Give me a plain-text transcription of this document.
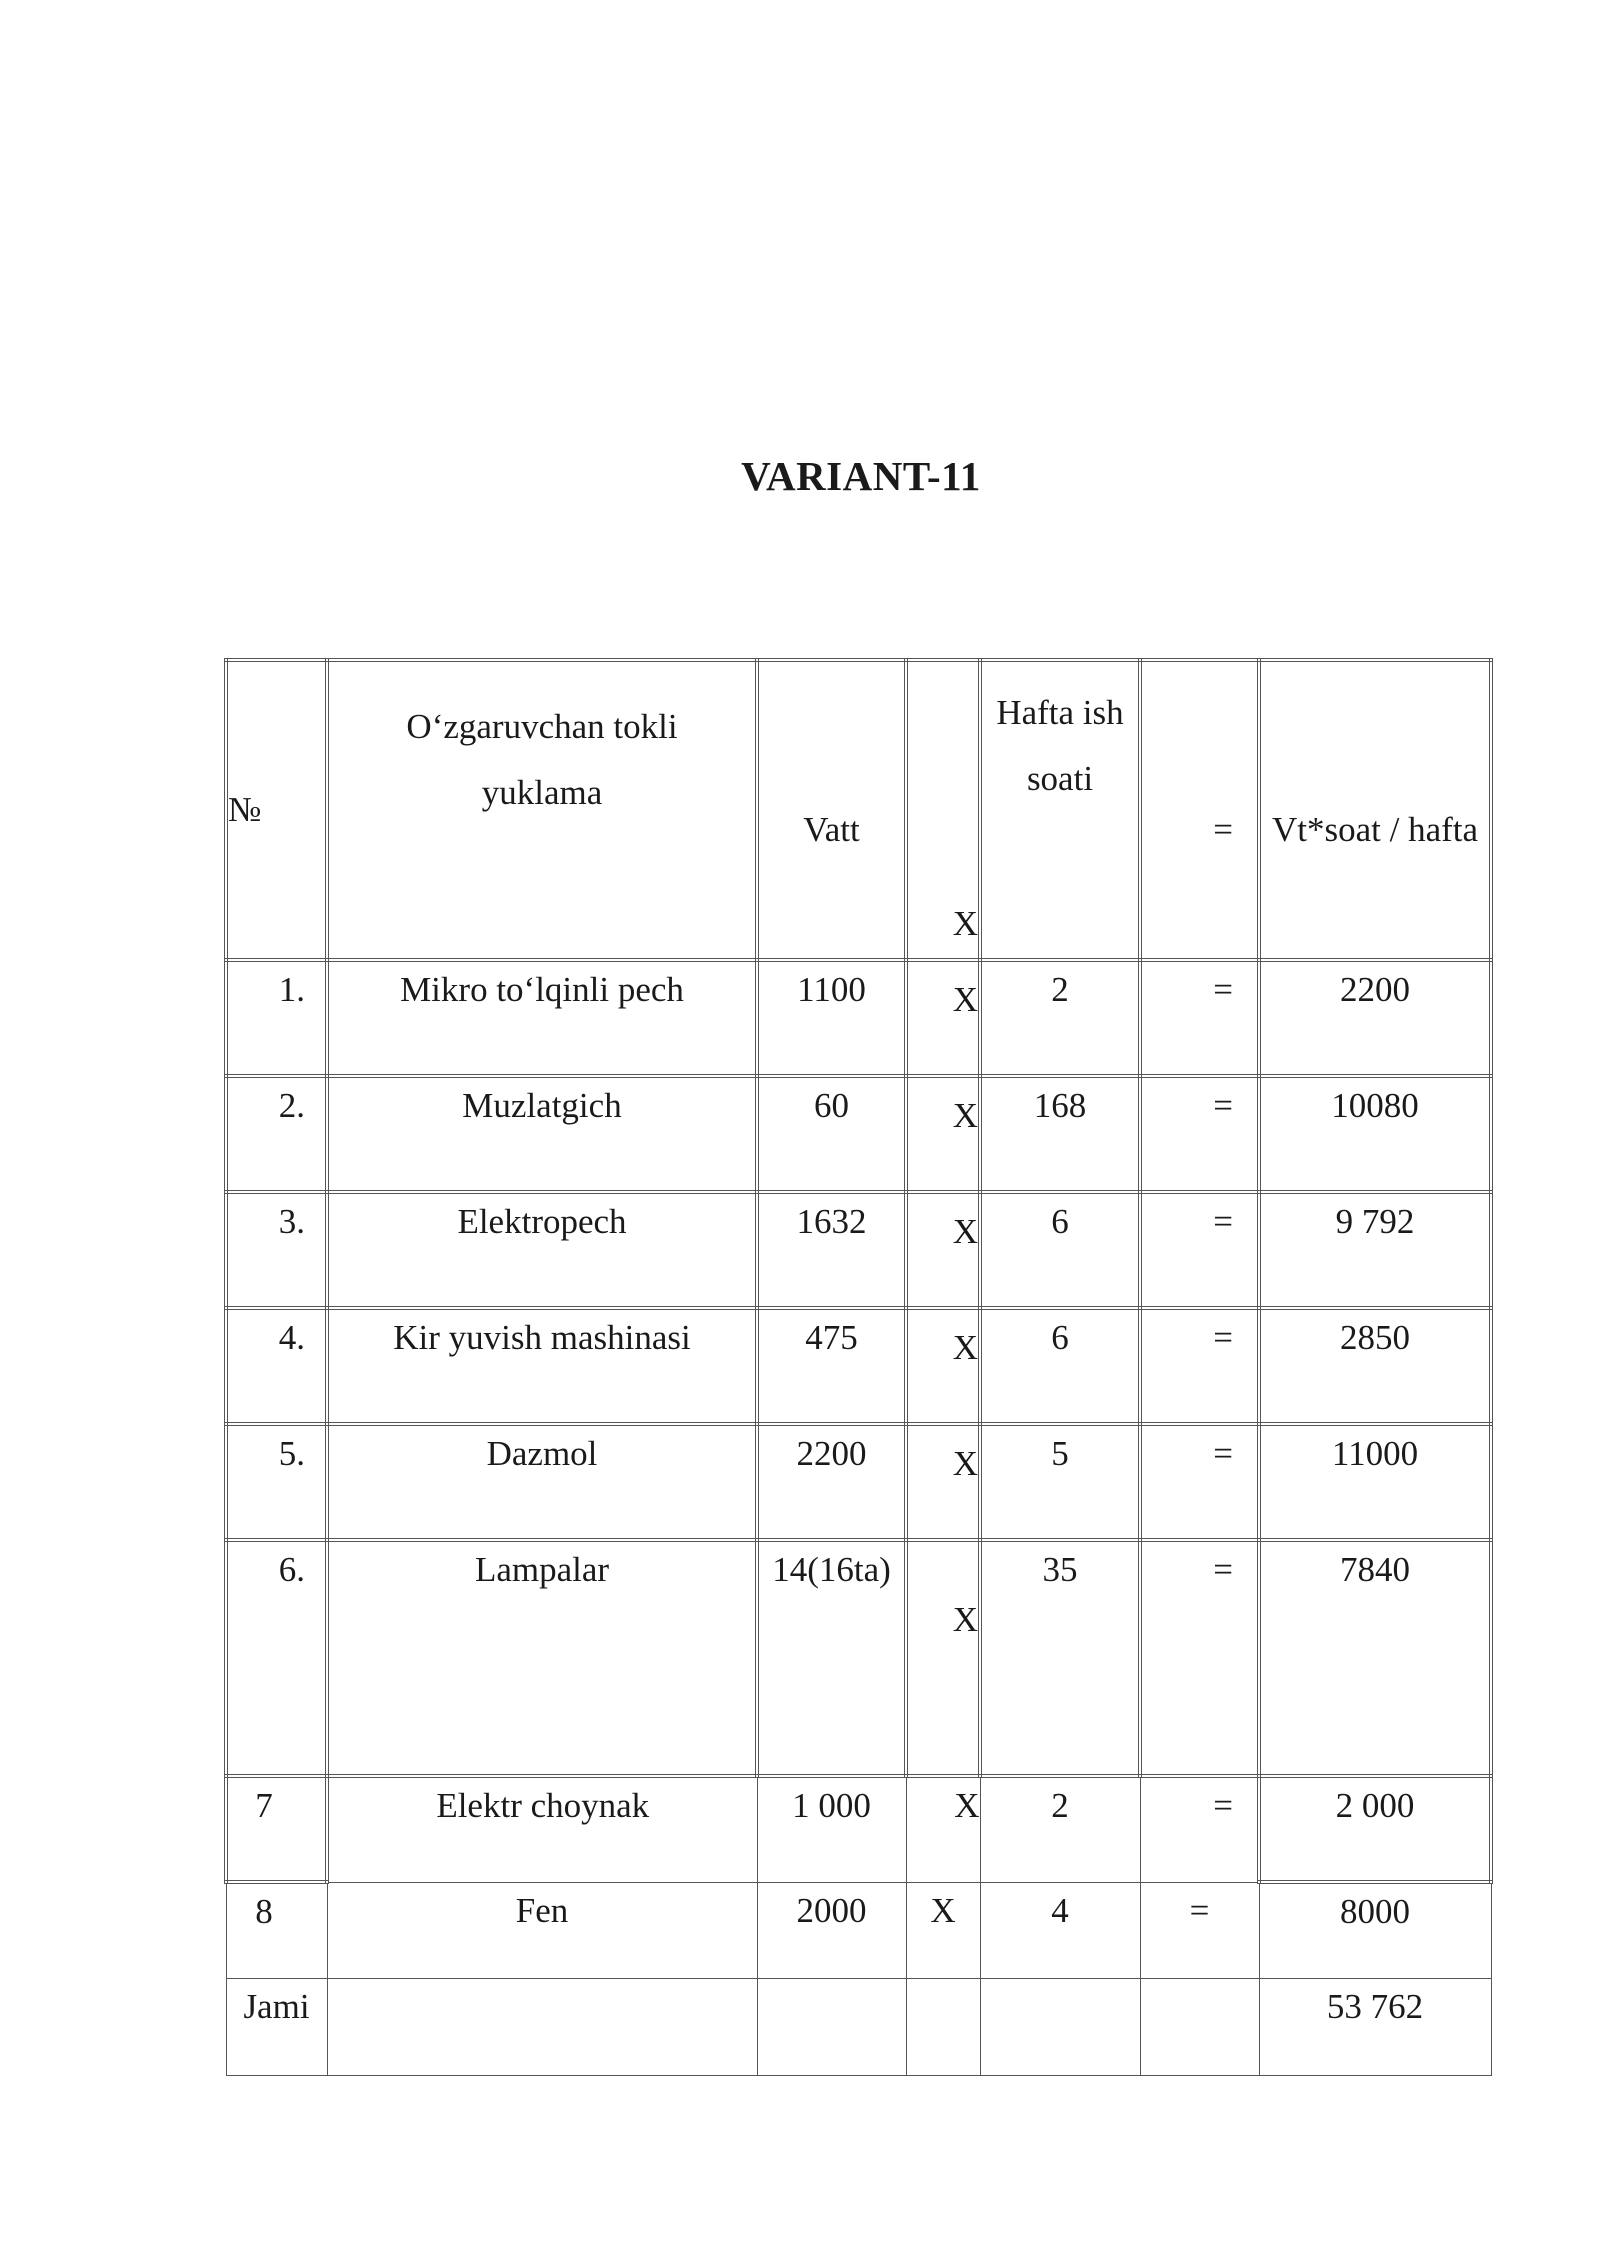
VARIANT-11
№	O‘zgaruvchan tokli yuklama	Vatt	X	Hafta ish soati	=	Vt*soat / hafta
1.	Mikro to‘lqinli pech	1100	X	2	=	2200
2.	Muzlatgich	60	X	168	=	10080
3.	Elektropech	1632	X	6	=	9 792
4.	Kir yuvish mashinasi	475	X	6	=	2850
5.	Dazmol	2200	X	5	=	11000
6.	Lampalar	14(16ta)	X	35	=	7840
7	Elektr choynak	1 000	X	2	=	2 000
8	Fen	2000	X	4	=	8000
Jami						53 762
